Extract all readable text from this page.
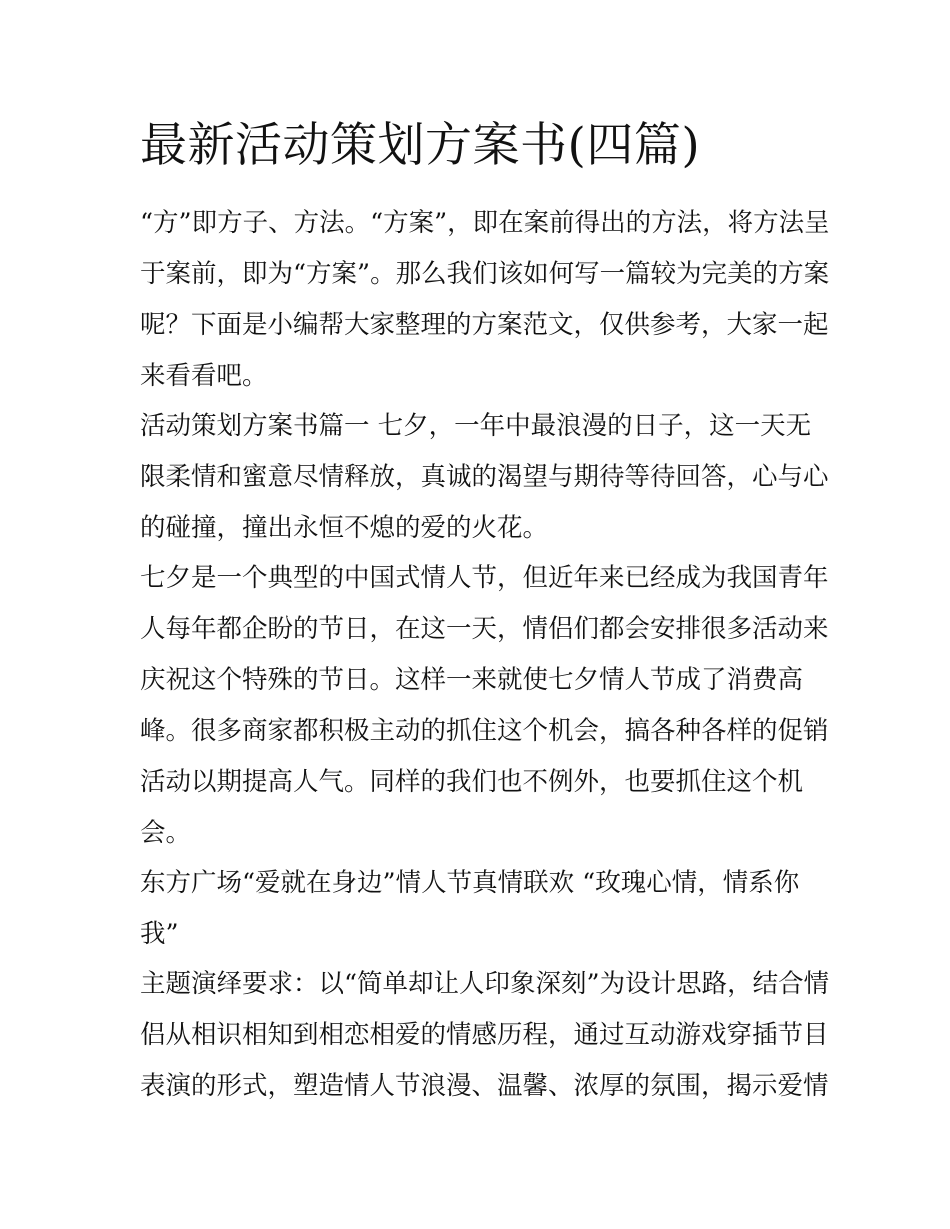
最新活动策划方案书(四篇)
“方”即方子、方法。“方案”，即在案前得出的方法，将方法呈
于案前，即为“方案”。那么我们该如何写一篇较为完美的方案
呢？下面是小编帮大家整理的方案范文，仅供参考，大家一起
来看看吧。
活动策划方案书篇一 七夕，一年中最浪漫的日子，这一天无
限柔情和蜜意尽情释放，真诚的渴望与期待等待回答，心与心
的碰撞，撞出永恒不熄的爱的火花。
七夕是一个典型的中国式情人节，但近年来已经成为我国青年
人每年都企盼的节日，在这一天，情侣们都会安排很多活动来
庆祝这个特殊的节日。这样一来就使七夕情人节成了消费高
峰。很多商家都积极主动的抓住这个机会，搞各种各样的促销
活动以期提高人气。同样的我们也不例外，也要抓住这个机
会。
东方广场“爱就在身边”情人节真情联欢 “玫瑰心情，情系你
我”
主题演绎要求：以“简单却让人印象深刻”为设计思路，结合情
侣从相识相知到相恋相爱的情感历程，通过互动游戏穿插节目
表演的形式，塑造情人节浪漫、温馨、浓厚的氛围，揭示爱情
